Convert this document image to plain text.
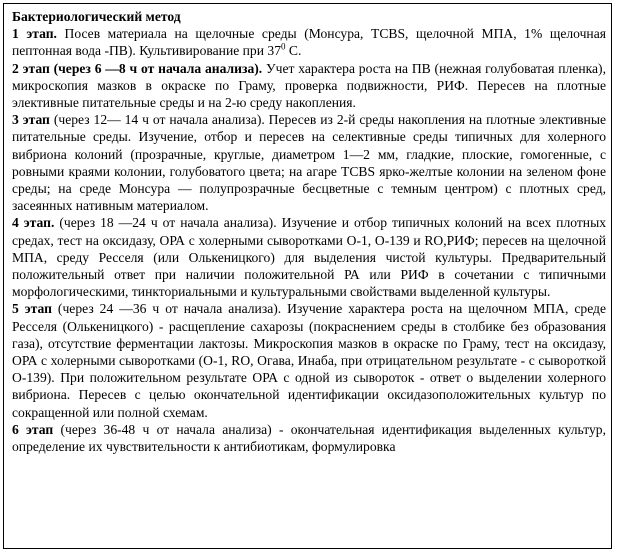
Бактериологический метод

1 этап. Посев материала на щелочные среды (Монсура, TCBS, щелочной МПА, 1% щелочная пептонная вода -ПВ). Культивирование при $37^0$ С.

2 этап (через 6 —8 ч от начала анализа). Учет характера роста на ПВ (нежная голубоватая пленка), микроскопия мазков в окраске по Граму, проверка подвижности, РИФ. Пересев на плотные элективные питательные среды и на 2-ю среду накопления.

3 этап (через 12— 14 ч от начала анализа). Пересев из 2-й среды накопления на плотные элективные питательные среды. Изучение, отбор и пересев на селективные среды типичных для холерного вибриона колоний (прозрачные, круглые, диаметром 1—2 мм, гладкие, плоские, гомогенные, с ровными краями колонии, голубоватого цвета; на агаре TCBS ярко-желтые колонии на зеленом фоне среды; на среде Монсура — полупрозрачные бесцветные с темным центром) с плотных сред, засеянных нативным материалом.

4 этап. (через 18 —24 ч от начала анализа). Изучение и отбор типичных колоний на всех плотных средах, тест на оксидазу, ОРА с холерными сыворотками О-1, О-139 и RO,РИФ; пересев на щелочной МПА, среду Ресселя (или Олькеницкого) для выделения чистой культуры. Предварительный положительный ответ при наличии положительной РА или РИФ в сочетании с типичными морфологическими, тинкториальными и культуральными свойствами выделенной культуры.

5 этап (через 24 —36 ч от начала анализа). Изучение характера роста на щелочном МПА, среде Ресселя (Олькеницкого) - расщепление сахарозы (покраснением среды в столбике без образования газа), отсутствие ферментации лактозы. Микроскопия мазков в окраске по Граму, тест на оксидазу, ОРА с холерными сыворотками (О-1, RO, Огава, Инаба, при отрицательном результате - с сывороткой О-139). При положительном результате ОРА с одной из сывороток - ответ о выделении холерного вибриона. Пересев с целью окончательной идентификации оксидазоположительных культур по сокращенной или полной схемам.

6 этап (через 36-48 ч от начала анализа) - окончательная идентификация выделенных культур, определение их чувствительности к антибиотикам, формулировка
